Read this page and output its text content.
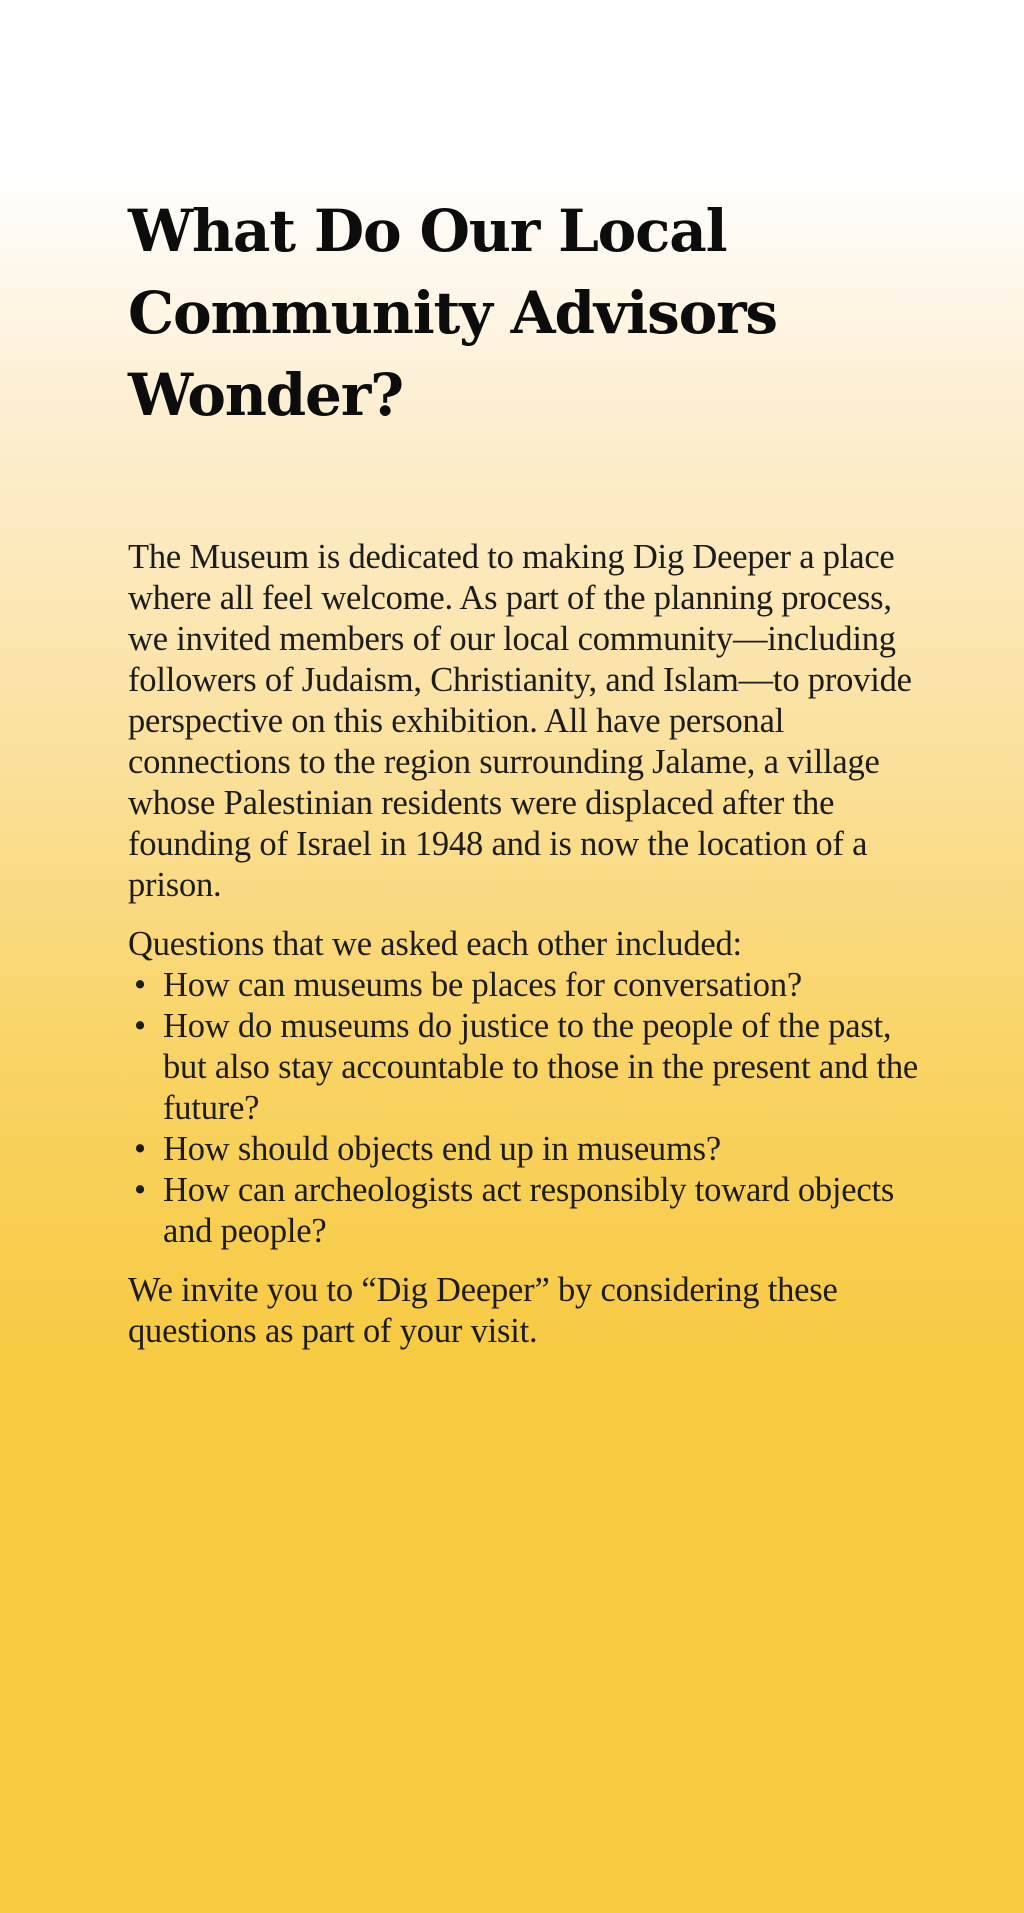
What Do Our Local Community Advisors Wonder?

The Museum is dedicated to making Dig Deeper a place where all feel welcome. As part of the planning process, we invited members of our local community—including followers of Judaism, Christianity, and Islam—to provide perspective on this exhibition. All have personal connections to the region surrounding Jalame, a village whose Palestinian residents were displaced after the founding of Israel in 1948 and is now the location of a prison.

Questions that we asked each other included:

• How can museums be places for conversation?
• How do museums do justice to the people of the past, but also stay accountable to those in the present and the future?
• How should objects end up in museums?
• How can archeologists act responsibly toward objects and people?

We invite you to “Dig Deeper” by considering these questions as part of your visit.
